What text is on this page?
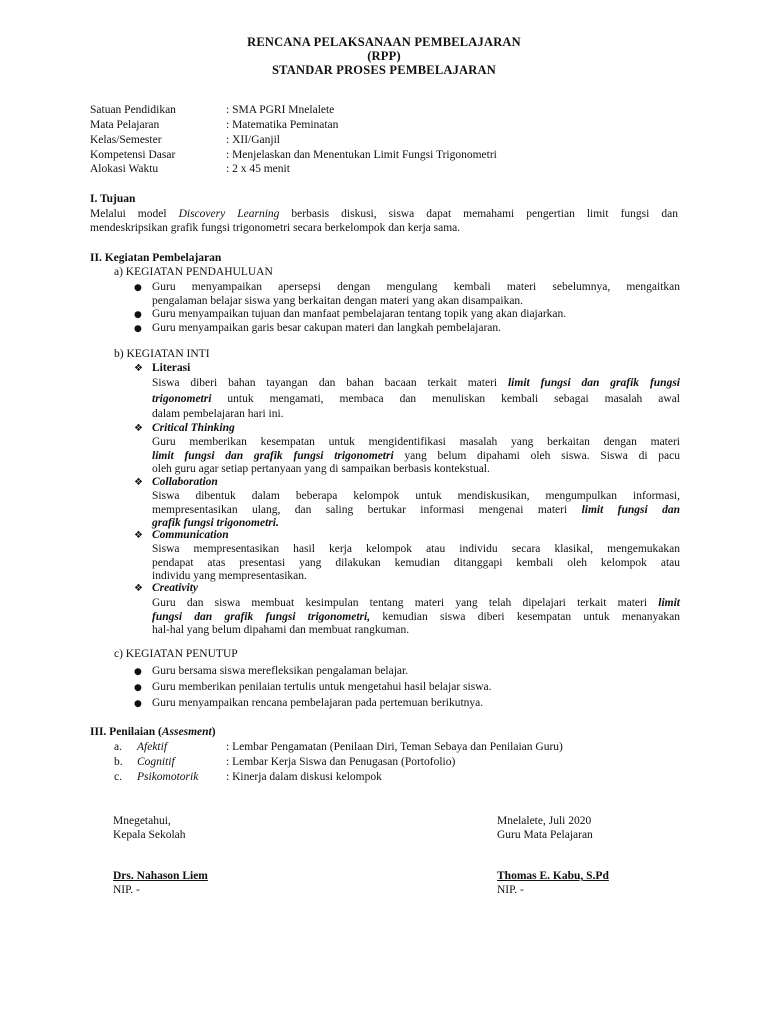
RENCANA PELAKSANAAN PEMBELAJARAN
(RPP)
STANDAR PROSES PEMBELAJARAN
Satuan Pendidikan	: SMA PGRI Mnelalete
Mata Pelajaran	: Matematika Peminatan
Kelas/Semester	: XII/Ganjil
Kompetensi Dasar	: Menjelaskan dan Menentukan Limit Fungsi Trigonometri
Alokasi Waktu	: 2 x 45 menit
I. Tujuan
Melalui model Discovery Learning berbasis diskusi, siswa dapat memahami pengertian limit fungsi dan
mendeskripsikan grafik fungsi trigonometri secara berkelompok dan kerja sama.
II. Kegiatan Pembelajaran
a) KEGIATAN PENDAHULUAN
● Guru menyampaikan apersepsi dengan mengulang kembali materi sebelumnya, mengaitkan
pengalaman belajar siswa yang berkaitan dengan materi yang akan disampaikan.
● Guru menyampaikan tujuan dan manfaat pembelajaran tentang topik yang akan diajarkan.
● Guru menyampaikan garis besar cakupan materi dan langkah pembelajaran.
b) KEGIATAN INTI
❖ Literasi
Siswa diberi bahan tayangan dan bahan bacaan terkait materi limit fungsi dan grafik fungsi
trigonometri untuk mengamati, membaca dan menuliskan kembali sebagai masalah awal
dalam pembelajaran hari ini.
❖ Critical Thinking
Guru memberikan kesempatan untuk mengidentifikasi masalah yang berkaitan dengan materi
limit fungsi dan grafik fungsi trigonometri yang belum dipahami oleh siswa. Siswa di pacu
oleh guru agar setiap pertanyaan yang di sampaikan berbasis kontekstual.
❖ Collaboration
Siswa dibentuk dalam beberapa kelompok untuk mendiskusikan, mengumpulkan informasi,
mempresentasikan ulang, dan saling bertukar informasi mengenai materi limit fungsi dan
grafik fungsi trigonometri.
❖ Communication
Siswa mempresentasikan hasil kerja kelompok atau individu secara klasikal, mengemukakan
pendapat atas presentasi yang dilakukan kemudian ditanggapi kembali oleh kelompok atau
individu yang mempresentasikan.
❖ Creativity
Guru dan siswa membuat kesimpulan tentang materi yang telah dipelajari terkait materi limit
fungsi dan grafik fungsi trigonometri, kemudian siswa diberi kesempatan untuk menanyakan
hal-hal yang belum dipahami dan membuat rangkuman.
c) KEGIATAN PENUTUP
● Guru bersama siswa merefleksikan pengalaman belajar.
● Guru memberikan penilaian tertulis untuk mengetahui hasil belajar siswa.
● Guru menyampaikan rencana pembelajaran pada pertemuan berikutnya.
III. Penilaian (Assesment)
a. Afektif	: Lembar Pengamatan (Penilaan Diri, Teman Sebaya dan Penilaian Guru)
b. Cognitif	: Lembar Kerja Siswa dan Penugasan (Portofolio)
c. Psikomotorik : Kinerja dalam diskusi kelompok
Mnegetahui,
Kepala Sekolah
Drs. Nahason Liem
NIP. -
Mnelalete, Juli 2020
Guru Mata Pelajaran
Thomas E. Kabu, S.Pd
NIP. -
